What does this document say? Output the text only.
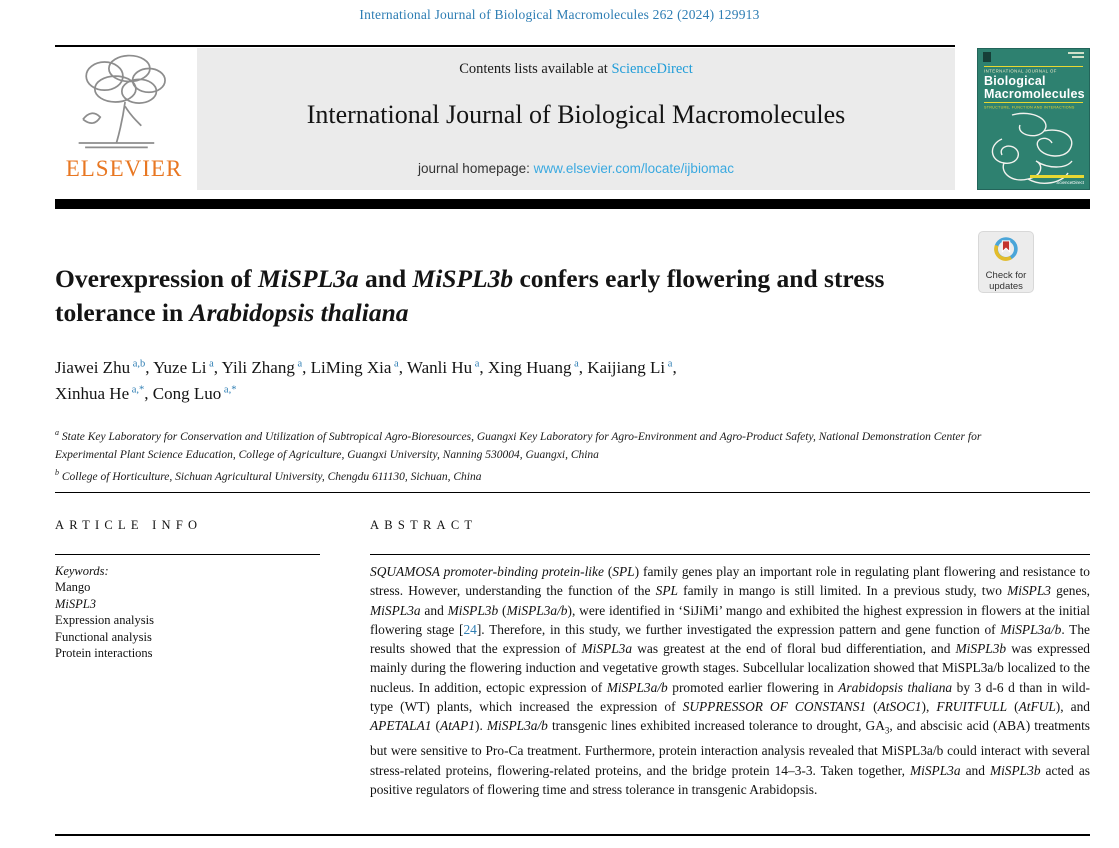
International Journal of Biological Macromolecules 262 (2024) 129913
ELSEVIER
Contents lists available at ScienceDirect
International Journal of Biological Macromolecules
journal homepage: www.elsevier.com/locate/ijbiomac
INTERNATIONAL JOURNAL OF
Biological
Macromolecules
STRUCTURE, FUNCTION AND INTERACTIONS
ScienceDirect
Check for
updates
Overexpression of MiSPL3a and MiSPL3b confers early flowering and stress tolerance in Arabidopsis thaliana
Jiawei Zhu $^{a,b}$, Yuze Li $^a$, Yili Zhang $^a$, LiMing Xia $^a$, Wanli Hu $^a$, Xing Huang $^a$, Kaijiang Li $^a$,
Xinhua He $^{a,*}$, Cong Luo $^{a,*}$
$^a$ State Key Laboratory for Conservation and Utilization of Subtropical Agro-Bioresources, Guangxi Key Laboratory for Agro-Environment and Agro-Product Safety, National Demonstration Center for Experimental Plant Science Education, College of Agriculture, Guangxi University, Nanning 530004, Guangxi, China
$^b$ College of Horticulture, Sichuan Agricultural University, Chengdu 611130, Sichuan, China
ARTICLE INFO
Keywords:
Mango
MiSPL3
Expression analysis
Functional analysis
Protein interactions
ABSTRACT
SQUAMOSA promoter-binding protein-like (SPL) family genes play an important role in regulating plant flowering and resistance to stress. However, understanding the function of the SPL family in mango is still limited. In a previous study, two MiSPL3 genes, MiSPL3a and MiSPL3b (MiSPL3a/b), were identified in ‘SiJiMi’ mango and exhibited the highest expression in flowers at the initial flowering stage [24]. Therefore, in this study, we further investigated the expression pattern and gene function of MiSPL3a/b. The results showed that the expression of MiSPL3a was greatest at the end of floral bud differentiation, and MiSPL3b was expressed mainly during the flowering induction and vegetative growth stages. Subcellular localization showed that MiSPL3a/b localized to the nucleus. In addition, ectopic expression of MiSPL3a/b promoted earlier flowering in Arabidopsis thaliana by 3 d-6 d than in wild-type (WT) plants, which increased the expression of SUPPRESSOR OF CONSTANS1 (AtSOC1), FRUITFULL (AtFUL), and APETALA1 (AtAP1). MiSPL3a/b transgenic lines exhibited increased tolerance to drought, $GA_3$, and abscisic acid (ABA) treatments but were sensitive to Pro-Ca treatment. Furthermore, protein interaction analysis revealed that MiSPL3a/b could interact with several stress-related proteins, flowering-related proteins, and the bridge protein 14–3-3. Taken together, MiSPL3a and MiSPL3b acted as positive regulators of flowering time and stress tolerance in transgenic Arabidopsis.
